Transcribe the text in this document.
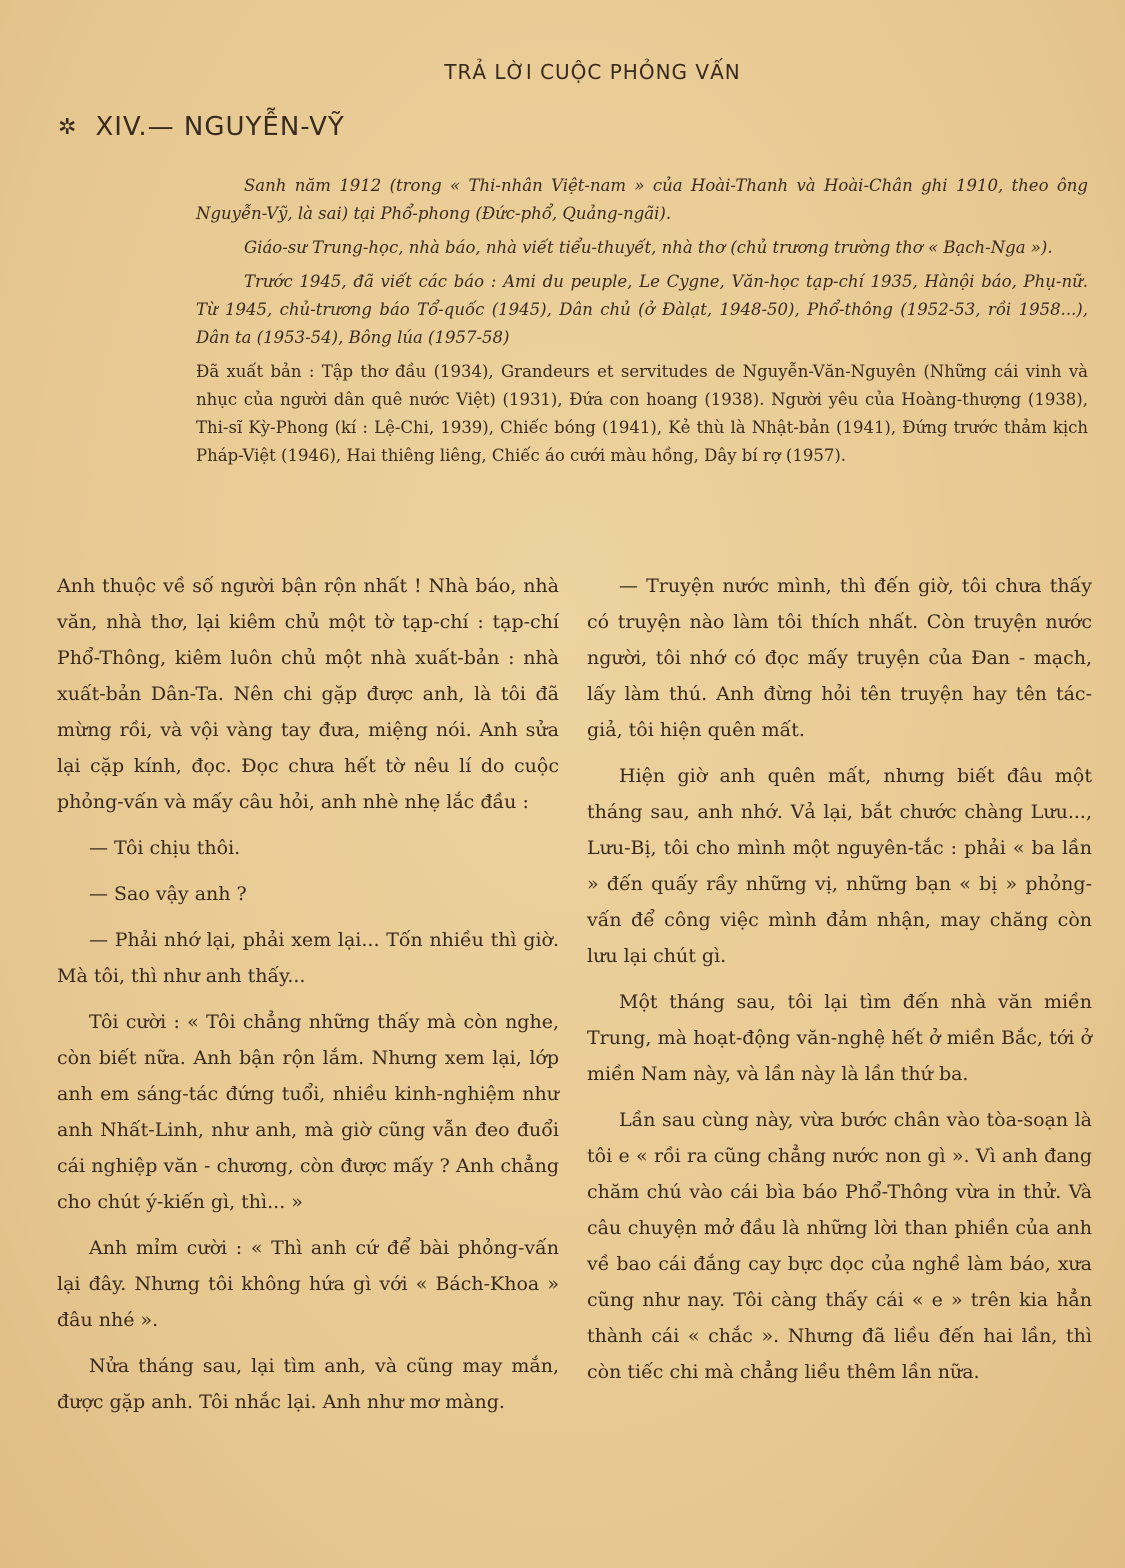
TRẢ LỜI CUỘC PHỎNG VẤN
✲ XIV.— NGUYỄN-VỸ

Sanh năm 1912 (trong « Thi-nhân Việt-nam » của Hoài-Thanh và Hoài-Chân ghi 1910, theo ông Nguyễn-Vỹ, là sai) tại Phổ-phong (Đức-phổ, Quảng-ngãi).

Giáo-sư Trung-học, nhà báo, nhà viết tiểu-thuyết, nhà thơ (chủ trương trường thơ « Bạch-Nga »).

Trước 1945, đã viết các báo : Ami du peuple, Le Cygne, Văn-học tạp-chí 1935, Hànội báo, Phụ-nữ. Từ 1945, chủ-trương báo Tổ-quốc (1945), Dân chủ (ở Đàlạt, 1948-50), Phổ-thông (1952-53, rồi 1958...), Dân ta (1953-54), Bông lúa (1957-58)

Đã xuất bản : Tập thơ đầu (1934), Grandeurs et servitudes de Nguyễn-Văn-Nguyên (Những cái vinh và nhục của người dân quê nước Việt) (1931), Đứa con hoang (1938). Người yêu của Hoàng-thượng (1938), Thi-sĩ Kỳ-Phong (kí : Lệ-Chi, 1939), Chiếc bóng (1941), Kẻ thù là Nhật-bản (1941), Đứng trước thảm kịch Pháp-Việt (1946), Hai thiêng liêng, Chiếc áo cưới màu hồng, Dây bí rợ (1957).

Anh thuộc về số người bận rộn nhất ! Nhà báo, nhà văn, nhà thơ, lại kiêm chủ một tờ tạp-chí : tạp-chí Phổ-Thông, kiêm luôn chủ một nhà xuất-bản : nhà xuất-bản Dân-Ta. Nên chi gặp được anh, là tôi đã mừng rồi, và vội vàng tay đưa, miệng nói. Anh sửa lại cặp kính, đọc. Đọc chưa hết tờ nêu lí do cuộc phỏng-vấn và mấy câu hỏi, anh nhè nhẹ lắc đầu :

— Tôi chịu thôi.

— Sao vậy anh ?

— Phải nhớ lại, phải xem lại... Tốn nhiều thì giờ. Mà tôi, thì như anh thấy...

Tôi cười : « Tôi chẳng những thấy mà còn nghe, còn biết nữa. Anh bận rộn lắm. Nhưng xem lại, lớp anh em sáng-tác đứng tuổi, nhiều kinh-nghiệm như anh Nhất-Linh, như anh, mà giờ cũng vẫn đeo đuổi cái nghiệp văn - chương, còn được mấy ? Anh chẳng cho chút ý-kiến gì, thì... »

Anh mỉm cười : « Thì anh cứ để bài phỏng-vấn lại đây. Nhưng tôi không hứa gì với « Bách-Khoa » đâu nhé ».

Nửa tháng sau, lại tìm anh, và cũng may mắn, được gặp anh. Tôi nhắc lại. Anh như mơ màng.

— Truyện nước mình, thì đến giờ, tôi chưa thấy có truyện nào làm tôi thích nhất. Còn truyện nước người, tôi nhớ có đọc mấy truyện của Đan - mạch, lấy làm thú. Anh đừng hỏi tên truyện hay tên tác-giả, tôi hiện quên mất.

Hiện giờ anh quên mất, nhưng biết đâu một tháng sau, anh nhớ. Vả lại, bắt chước chàng Lưu..., Lưu-Bị, tôi cho mình một nguyên-tắc : phải « ba lần » đến quấy rầy những vị, những bạn « bị » phỏng-vấn để công việc mình đảm nhận, may chăng còn lưu lại chút gì.

Một tháng sau, tôi lại tìm đến nhà văn miền Trung, mà hoạt-động văn-nghệ hết ở miền Bắc, tới ở miền Nam này, và lần này là lần thứ ba.

Lần sau cùng này, vừa bước chân vào tòa-soạn là tôi e « rồi ra cũng chẳng nước non gì ». Vì anh đang chăm chú vào cái bìa báo Phổ-Thông vừa in thử. Và câu chuyện mở đầu là những lời than phiền của anh về bao cái đắng cay bực dọc của nghề làm báo, xưa cũng như nay. Tôi càng thấy cái « e » trên kia hẳn thành cái « chắc ». Nhưng đã liều đến hai lần, thì còn tiếc chi mà chẳng liều thêm lần nữa.
